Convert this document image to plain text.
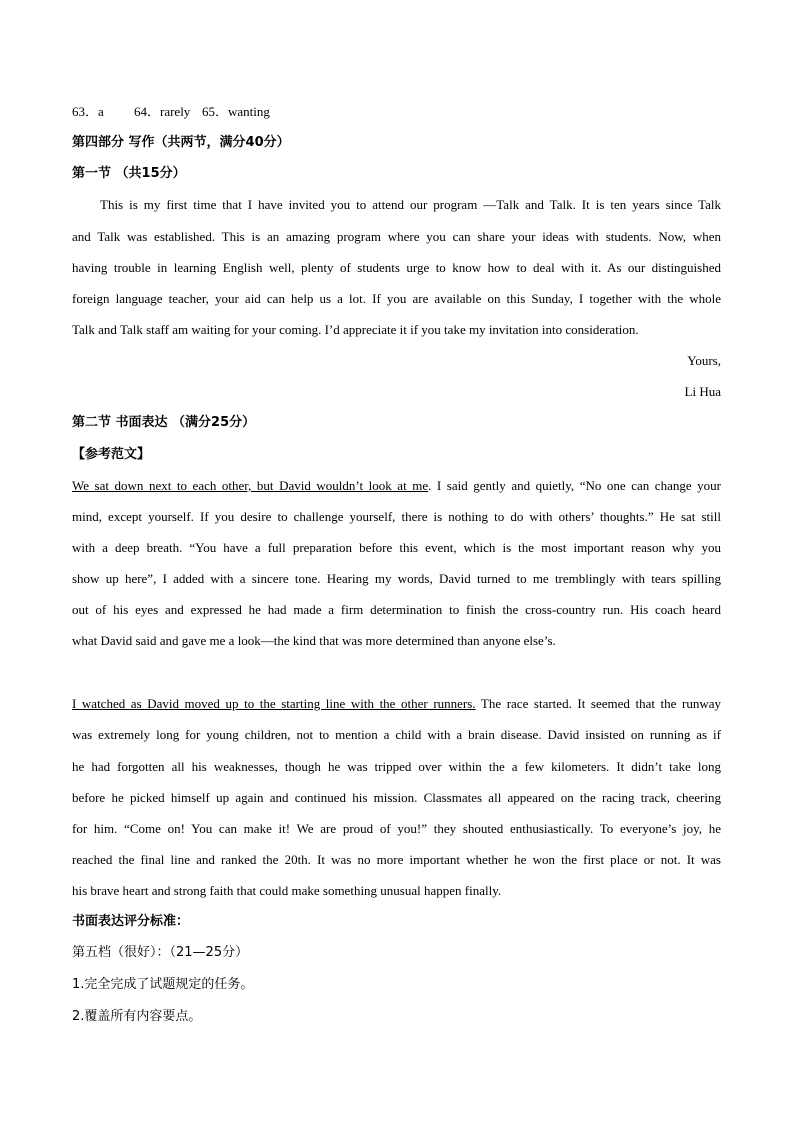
63．a 64．rarely 65．wanting
第四部分 写作（共两节，满分40分）
第一节 （共15分）
This is my first time that I have invited you to attend our program —Talk and Talk. It is ten years since Talk
and Talk was established. This is an amazing program where you can share your ideas with students. Now, when
having trouble in learning English well, plenty of students urge to know how to deal with it. As our distinguished
foreign language teacher, your aid can help us a lot. If you are available on this Sunday, I together with the whole
Talk and Talk staff am waiting for your coming. I’d appreciate it if you take my invitation into consideration.
Yours,
Li Hua
第二节 书面表达 （满分25分）
【参考范文】
We sat down next to each other, but David wouldn’t look at me. I said gently and quietly, “No one can change your
mind, except yourself. If you desire to challenge yourself, there is nothing to do with others’ thoughts.” He sat still
with a deep breath. “You have a full preparation before this event, which is the most important reason why you
show up here”, I added with a sincere tone. Hearing my words, David turned to me tremblingly with tears spilling
out of his eyes and expressed he had made a firm determination to finish the cross-country run. His coach heard
what David said and gave me a look—the kind that was more determined than anyone else’s.
I watched as David moved up to the starting line with the other runners. The race started. It seemed that the runway
was extremely long for young children, not to mention a child with a brain disease. David insisted on running as if
he had forgotten all his weaknesses, though he was tripped over within the a few kilometers. It didn’t take long
before he picked himself up again and continued his mission. Classmates all appeared on the racing track, cheering
for him. “Come on! You can make it! We are proud of you!” they shouted enthusiastically. To everyone’s joy, he
reached the final line and ranked the 20th. It was no more important whether he won the first place or not. It was
his brave heart and strong faith that could make something unusual happen finally.
书面表达评分标准：
第五档（很好）：（21—25分）
1.完全完成了试题规定的任务。
2.覆盖所有内容要点。
